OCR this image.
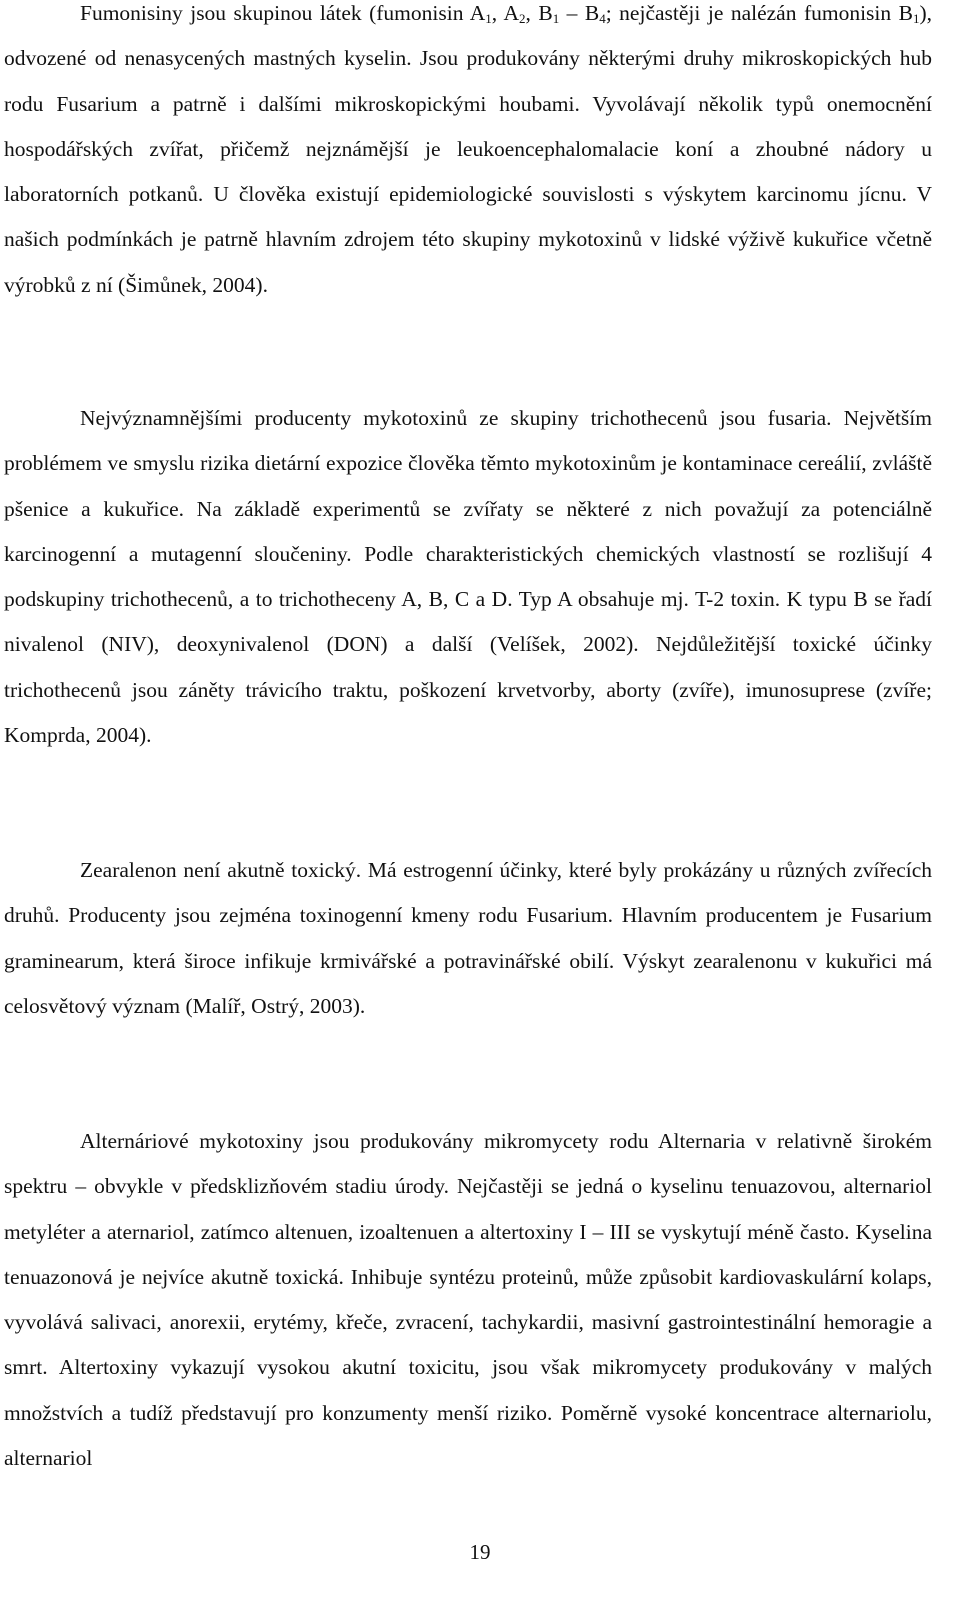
Fumonisiny jsou skupinou látek (fumonisin $A_1$, $A_2$, $B_1 - B_4$; nejčastěji je nalézán fumonisin $B_1$), odvozené od nenasycených mastných kyselin. Jsou produkovány některými druhy mikroskopických hub rodu Fusarium a patrně i dalšími mikroskopickými houbami. Vyvolávají několik typů onemocnění hospodářských zvířat, přičemž nejznámější je leukoencephalomalacie koní a zhoubné nádory u laboratorních potkanů. U člověka existují epidemiologické souvislosti s výskytem karcinomu jícnu. V našich podmínkách je patrně hlavním zdrojem této skupiny mykotoxinů v lidské výživě kukuřice včetně výrobků z ní (Šimůnek, 2004).

Nejvýznamnějšími producenty mykotoxinů ze skupiny trichothecenů jsou fusaria. Největším problémem ve smyslu rizika dietární expozice člověka těmto mykotoxinům je kontaminace cereálií, zvláště pšenice a kukuřice. Na základě experimentů se zvířaty se některé z nich považují za potenciálně karcinogenní a mutagenní sloučeniny. Podle charakteristických chemických vlastností se rozlišují 4 podskupiny trichothecenů, a to trichotheceny A, B, C a D. Typ A obsahuje mj. T-2 toxin. K typu B se řadí nivalenol (NIV), deoxynivalenol (DON) a další (Velíšek, 2002). Nejdůležitější toxické účinky trichothecenů jsou záněty trávicího traktu, poškození krvetvorby, aborty (zvíře), imunosuprese (zvíře; Komprda, 2004).

Zearalenon není akutně toxický. Má estrogenní účinky, které byly prokázány u různých zvířecích druhů. Producenty jsou zejména toxinogenní kmeny rodu Fusarium. Hlavním producentem je Fusarium graminearum, která široce infikuje krmivářské a potravinářské obilí. Výskyt zearalenonu v kukuřici má celosvětový význam (Malíř, Ostrý, 2003).

Alternáriové mykotoxiny jsou produkovány mikromycety rodu Alternaria v relativně širokém spektru – obvykle v předsklizňovém stadiu úrody. Nejčastěji se jedná o kyselinu tenuazovou, alternariol metyléter a aternariol, zatímco altenuen, izoaltenuen a altertoxiny I – III se vyskytují méně často. Kyselina tenuazonová je nejvíce akutně toxická. Inhibuje syntézu proteinů, může způsobit kardiovaskulární kolaps, vyvolává salivaci, anorexii, erytémy, křeče, zvracení, tachykardii, masivní gastrointestinální hemoragie a smrt. Altertoxiny vykazují vysokou akutní toxicitu, jsou však mikromycety produkovány v malých množstvích a tudíž představují pro konzumenty menší riziko. Poměrně vysoké koncentrace alternariolu, alternariol

19
